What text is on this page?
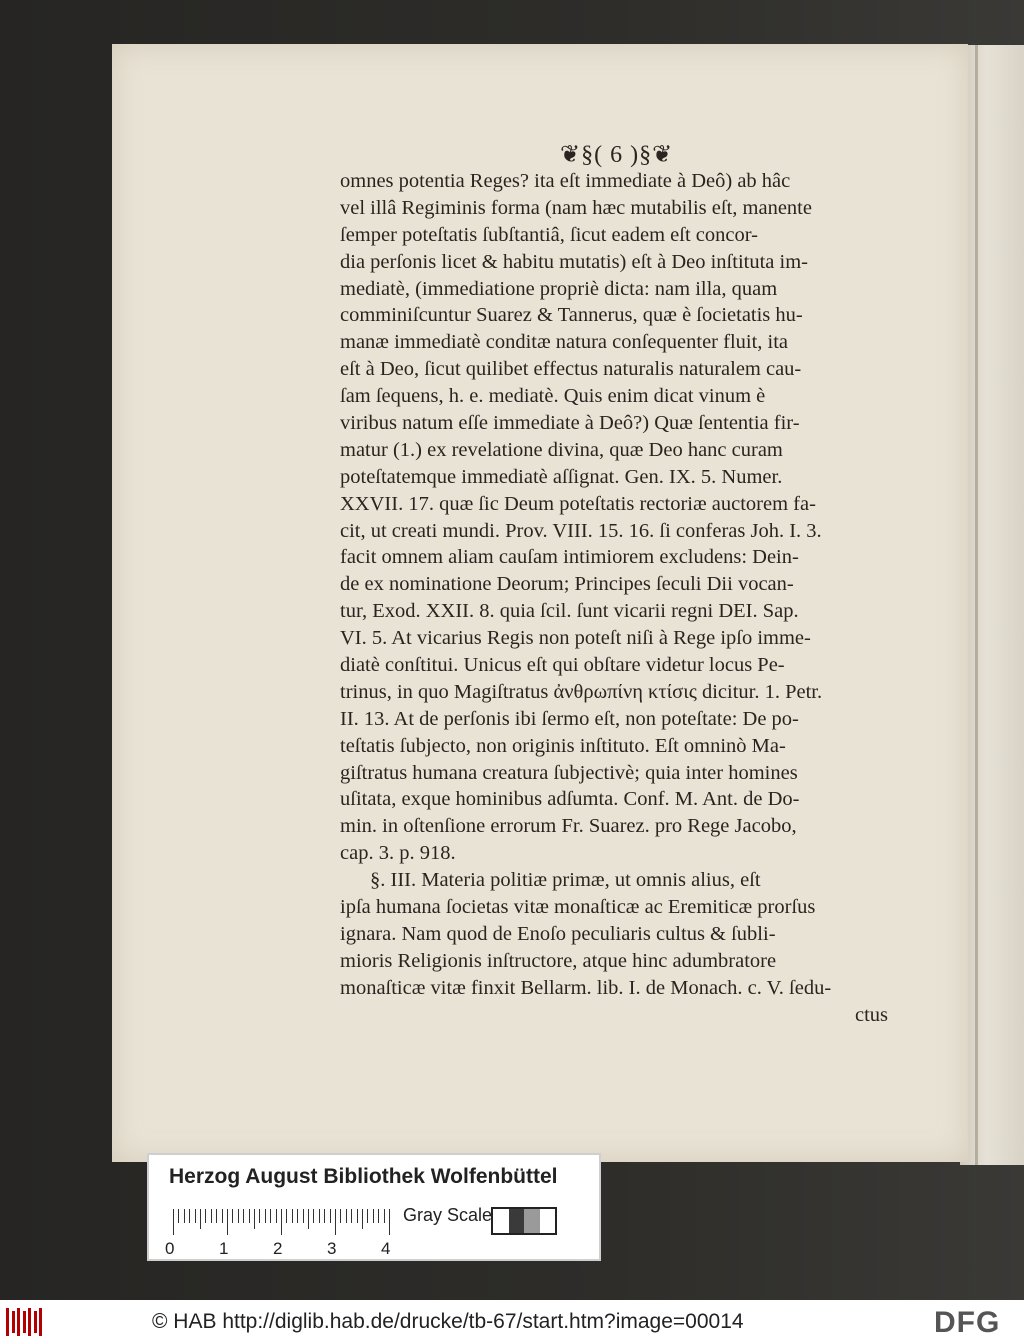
❦§( 6 )§❦
omnes potentia Reges? ita eſt immediate à Deô) ab hâc
vel illâ Regiminis forma (nam hæc mutabilis eſt, manente
ſemper poteſtatis ſubſtantiâ, ſicut eadem eſt concor-
dia perſonis licet & habitu mutatis) eſt à Deo inſtituta im-
mediatè, (immediatione propriè dicta: nam illa, quam
comminiſcuntur Suarez & Tannerus, quæ è ſocietatis hu-
manæ immediatè conditæ natura conſequenter fluit, ita
eſt à Deo, ſicut quilibet effectus naturalis naturalem cau-
ſam ſequens, h. e. mediatè. Quis enim dicat vinum è
viribus natum eſſe immediate à Deô?) Quæ ſententia fir-
matur (1.) ex revelatione divina, quæ Deo hanc curam
poteſtatemque immediatè aſſignat. Gen. IX. 5. Numer.
XXVII. 17. quæ ſic Deum poteſtatis rectoriæ auctorem fa-
cit, ut creati mundi. Prov. VIII. 15. 16. ſi conferas Joh. I. 3.
facit omnem aliam cauſam intimiorem excludens: Dein-
de ex nominatione Deorum; Principes ſeculi Dii vocan-
tur, Exod. XXII. 8. quia ſcil. ſunt vicarii regni DEI. Sap.
VI. 5. At vicarius Regis non poteſt niſi à Rege ipſo imme-
diatè conſtitui. Unicus eſt qui obſtare videtur locus Pe-
trinus, in quo Magiſtratus ἀνθρωπίνη κτίσις dicitur. 1. Petr.
II. 13. At de perſonis ibi ſermo eſt, non poteſtate: De po-
teſtatis ſubjecto, non originis inſtituto. Eſt omninò Ma-
giſtratus humana creatura ſubjectivè; quia inter homines
uſitata, exque hominibus adſumta. Conf. M. Ant. de Do-
min. in oſtenſione errorum Fr. Suarez. pro Rege Jacobo,
cap. 3. p. 918.
§. III. Materia politiæ primæ, ut omnis alius, eſt
ipſa humana ſocietas vitæ monaſticæ ac Eremiticæ prorſus
ignara. Nam quod de Enoſo peculiaris cultus & ſubli-
mioris Religionis inſtructore, atque hinc adumbratore
monaſticæ vitæ finxit Bellarm. lib. I. de Monach. c. V. ſedu-
ctus
Herzog August Bibliothek Wolfenbüttel
0	1	2	3	4
Gray Scale
© HAB http://diglib.hab.de/drucke/tb-67/start.htm?image=00014	DFG
